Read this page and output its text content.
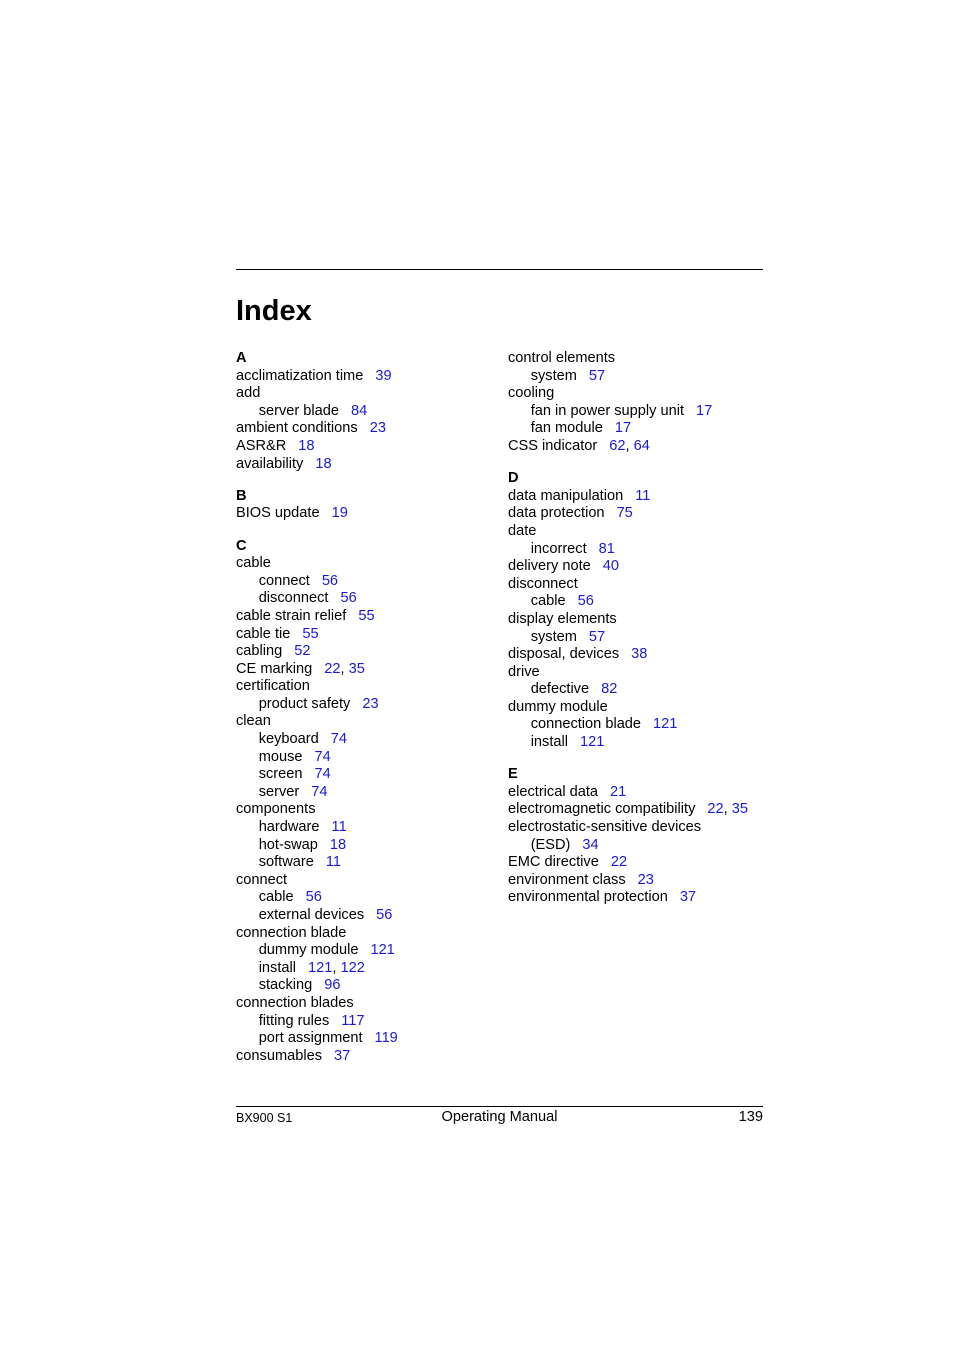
Index
A
acclimatization time 39
add
server blade 84
ambient conditions 23
ASR&R 18
availability 18
B
BIOS update 19
C
cable
connect 56
disconnect 56
cable strain relief 55
cable tie 55
cabling 52
CE marking 22, 35
certification
product safety 23
clean
keyboard 74
mouse 74
screen 74
server 74
components
hardware 11
hot-swap 18
software 11
connect
cable 56
external devices 56
connection blade
dummy module 121
install 121, 122
stacking 96
connection blades
fitting rules 117
port assignment 119
consumables 37
control elements
system 57
cooling
fan in power supply unit 17
fan module 17
CSS indicator 62, 64
D
data manipulation 11
data protection 75
date
incorrect 81
delivery note 40
disconnect
cable 56
display elements
system 57
disposal, devices 38
drive
defective 82
dummy module
connection blade 121
install 121
E
electrical data 21
electromagnetic compatibility 22, 35
electrostatic-sensitive devices
(ESD) 34
EMC directive 22
environment class 23
environmental protection 37
BX900 S1	Operating Manual	139
